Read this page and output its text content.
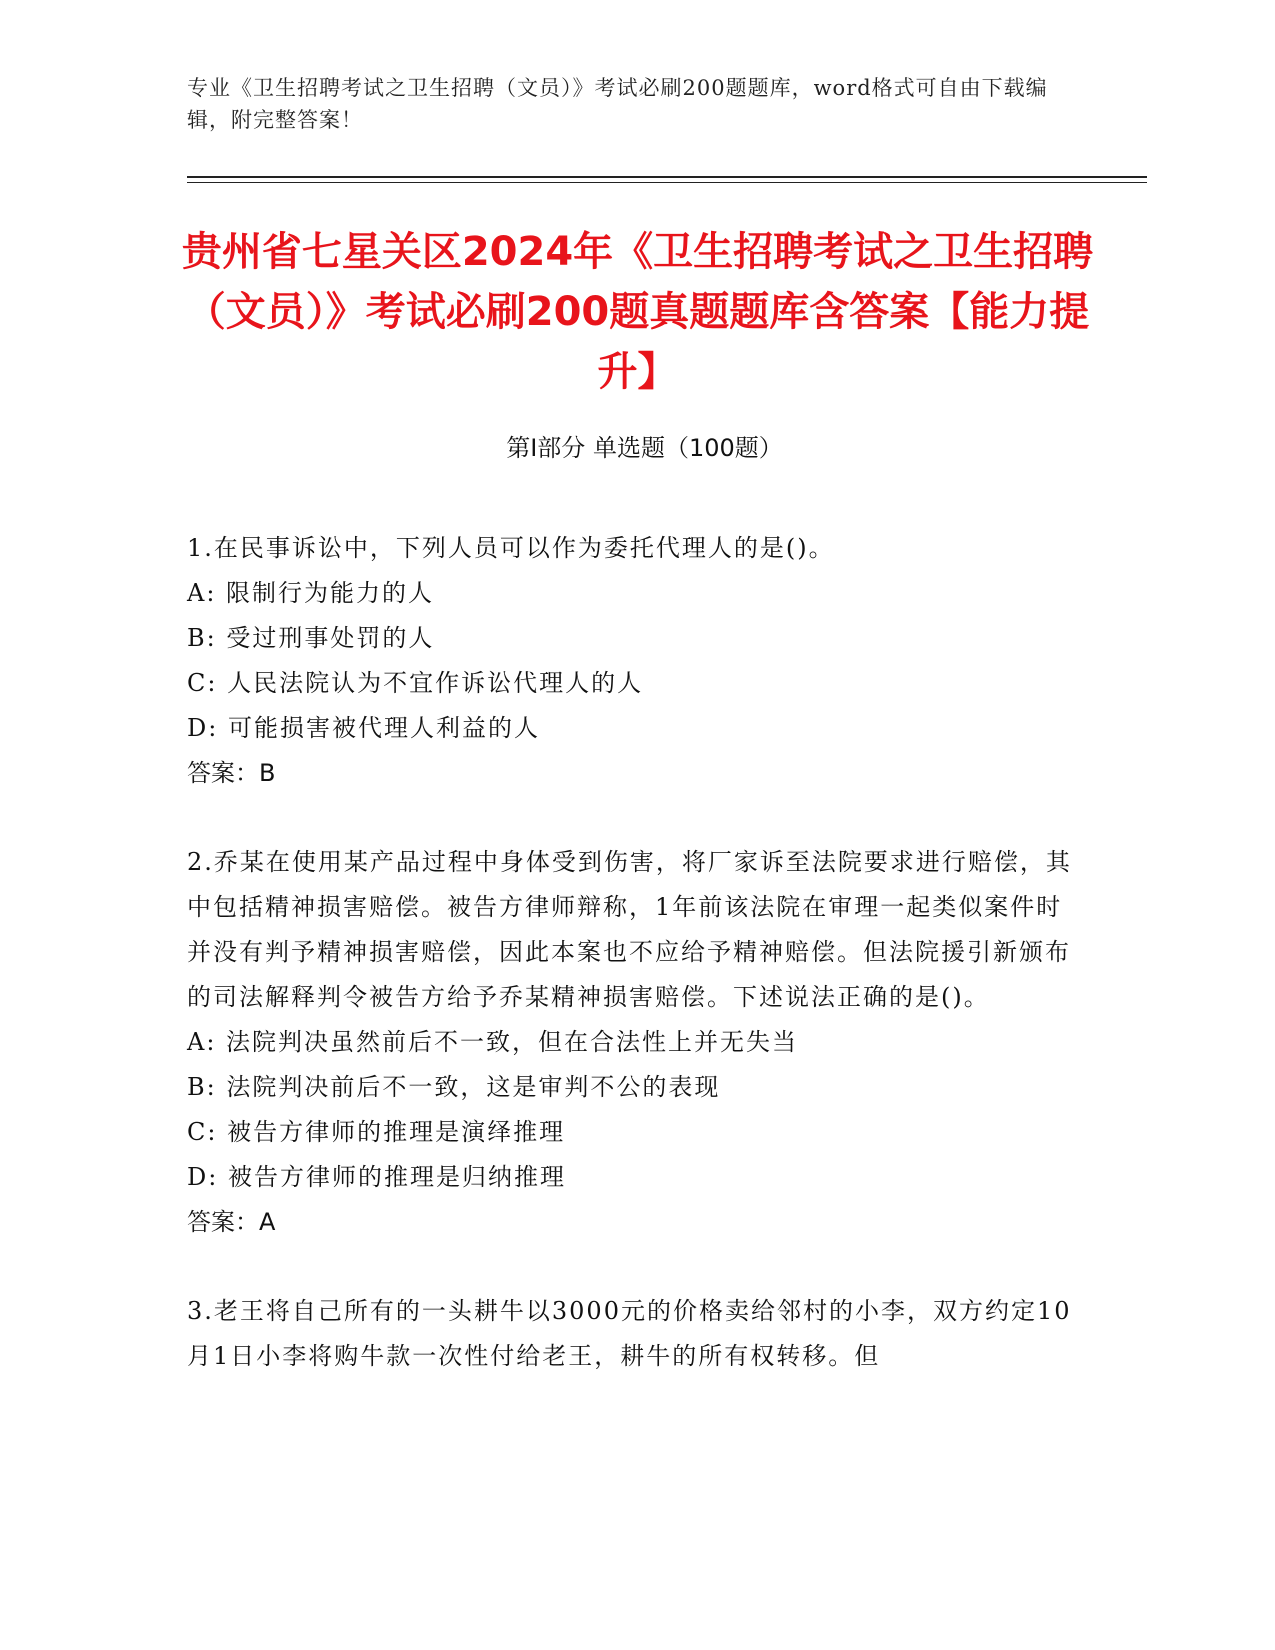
专业《卫生招聘考试之卫生招聘（文员）》考试必刷200题题库，word格式可自由下载编辑，附完整答案！
贵州省七星关区2024年《卫生招聘考试之卫生招聘（文员）》考试必刷200题真题题库含答案【能力提升】
第Ⅰ部分 单选题（100题）
1.在民事诉讼中，下列人员可以作为委托代理人的是()。
A: 限制行为能力的人
B: 受过刑事处罚的人
C: 人民法院认为不宜作诉讼代理人的人
D: 可能损害被代理人利益的人
答案：B
2.乔某在使用某产品过程中身体受到伤害，将厂家诉至法院要求进行赔偿，其中包括精神损害赔偿。被告方律师辩称，1年前该法院在审理一起类似案件时并没有判予精神损害赔偿，因此本案也不应给予精神赔偿。但法院援引新颁布的司法解释判令被告方给予乔某精神损害赔偿。下述说法正确的是()。
A: 法院判决虽然前后不一致，但在合法性上并无失当
B: 法院判决前后不一致，这是审判不公的表现
C: 被告方律师的推理是演绎推理
D: 被告方律师的推理是归纳推理
答案：A
3.老王将自己所有的一头耕牛以3000元的价格卖给邻村的小李，双方约定10月1日小李将购牛款一次性付给老王，耕牛的所有权转移。但
